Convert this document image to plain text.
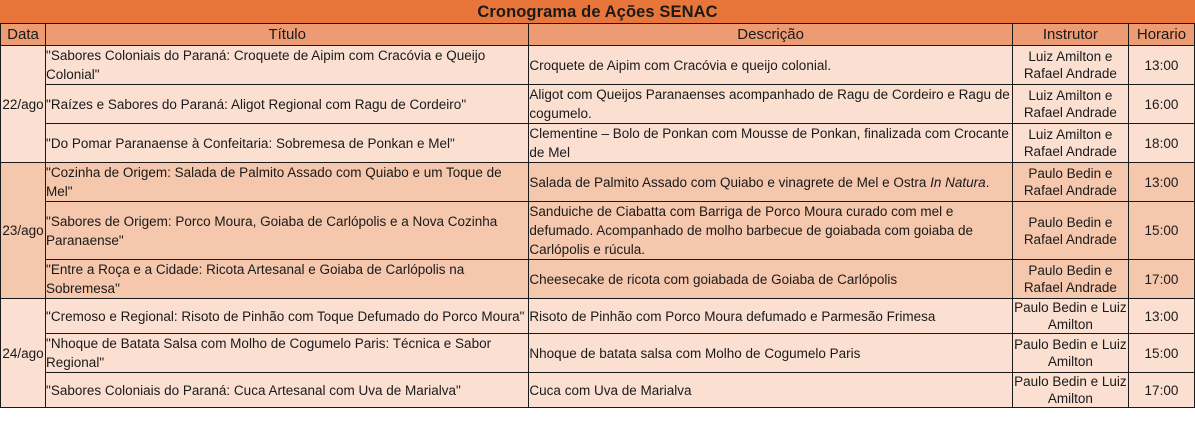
Cronograma de Ações SENAC				
Data	Título	Descrição	Instrutor	Horario
22/ago	"Sabores Coloniais do Paraná: Croquete de Aipim com Cracóvia e Queijo Colonial"	Croquete de Aipim com Cracóvia e queijo colonial.	Luiz Amilton e Rafael Andrade	13:00
	"Raízes e Sabores do Paraná: Aligot Regional com Ragu de Cordeiro"	Aligot com Queijos Paranaenses acompanhado de Ragu de Cordeiro e Ragu de cogumelo.	Luiz Amilton e Rafael Andrade	16:00
	"Do Pomar Paranaense à Confeitaria: Sobremesa de Ponkan e Mel"	Clementine – Bolo de Ponkan com Mousse de Ponkan, finalizada com Crocante de Mel	Luiz Amilton e Rafael Andrade	18:00
23/ago	"Cozinha de Origem: Salada de Palmito Assado com Quiabo e um Toque de Mel"	Salada de Palmito Assado com Quiabo e vinagrete de Mel e Ostra In Natura.	Paulo Bedin e Rafael Andrade	13:00
	"Sabores de Origem: Porco Moura, Goiaba de Carlópolis e a Nova Cozinha Paranaense"	Sanduiche de Ciabatta com Barriga de Porco Moura curado com mel e defumado. Acompanhado de molho barbecue de goiabada com goiaba de Carlópolis e rúcula.	Paulo Bedin e Rafael Andrade	15:00
	"Entre a Roça e a Cidade: Ricota Artesanal e Goiaba de Carlópolis na Sobremesa"	Cheesecake de ricota com goiabada de Goiaba de Carlópolis	Paulo Bedin e Rafael Andrade	17:00
24/ago	"Cremoso e Regional: Risoto de Pinhão com Toque Defumado do Porco Moura"	Risoto de Pinhão com Porco Moura defumado e Parmesão Frimesa	Paulo Bedin e Luiz Amilton	13:00
	"Nhoque de Batata Salsa com Molho de Cogumelo Paris: Técnica e Sabor Regional"	Nhoque de batata salsa com Molho de Cogumelo Paris	Paulo Bedin e Luiz Amilton	15:00
	"Sabores Coloniais do Paraná: Cuca Artesanal com Uva de Marialva"	Cuca com Uva de Marialva	Paulo Bedin e Luiz Amilton	17:00
